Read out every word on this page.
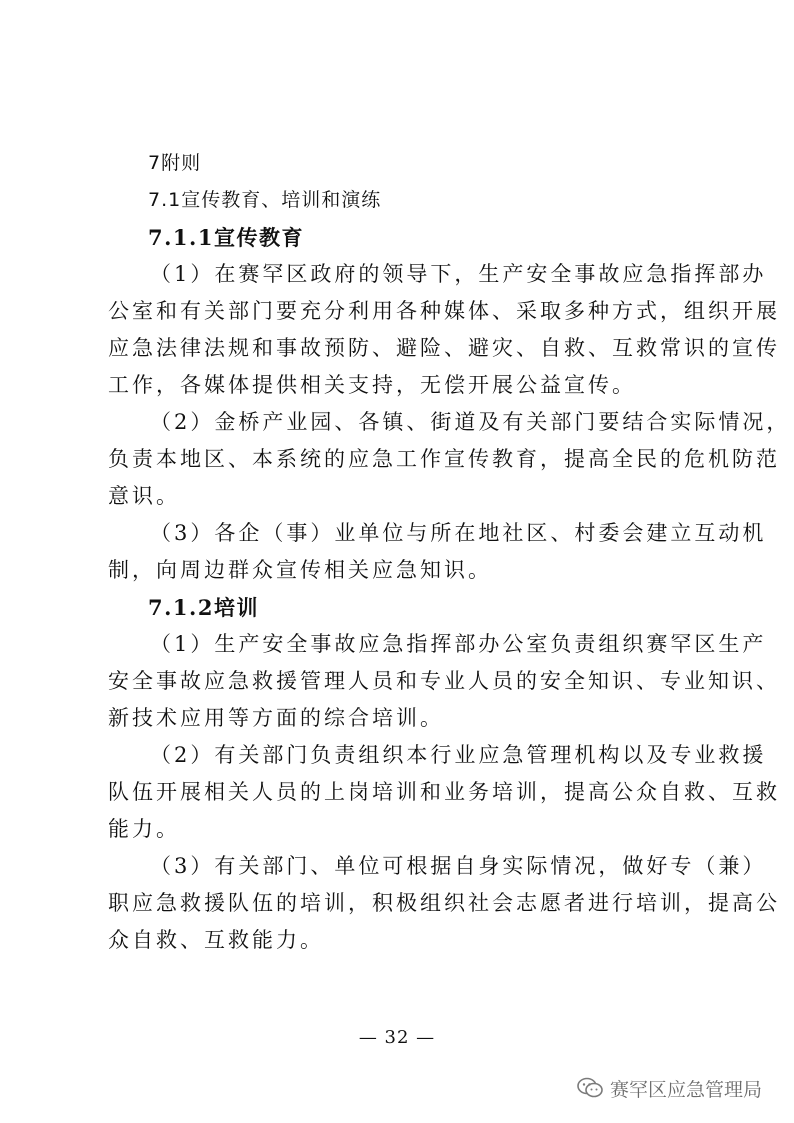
7附则
7.1宣传教育、培训和演练
7.1.1宣传教育
（1）在赛罕区政府的领导下，生产安全事故应急指挥部办
公室和有关部门要充分利用各种媒体、采取多种方式，组织开展
应急法律法规和事故预防、避险、避灾、自救、互救常识的宣传
工作，各媒体提供相关支持，无偿开展公益宣传。
（2）金桥产业园、各镇、街道及有关部门要结合实际情况，
负责本地区、本系统的应急工作宣传教育，提高全民的危机防范
意识。
（3）各企（事）业单位与所在地社区、村委会建立互动机
制，向周边群众宣传相关应急知识。
7.1.2培训
（1）生产安全事故应急指挥部办公室负责组织赛罕区生产
安全事故应急救援管理人员和专业人员的安全知识、专业知识、
新技术应用等方面的综合培训。
（2）有关部门负责组织本行业应急管理机构以及专业救援
队伍开展相关人员的上岗培训和业务培训，提高公众自救、互救
能力。
（3）有关部门、单位可根据自身实际情况，做好专（兼）
职应急救援队伍的培训，积极组织社会志愿者进行培训，提高公
众自救、互救能力。
— 32 —
赛罕区应急管理局
